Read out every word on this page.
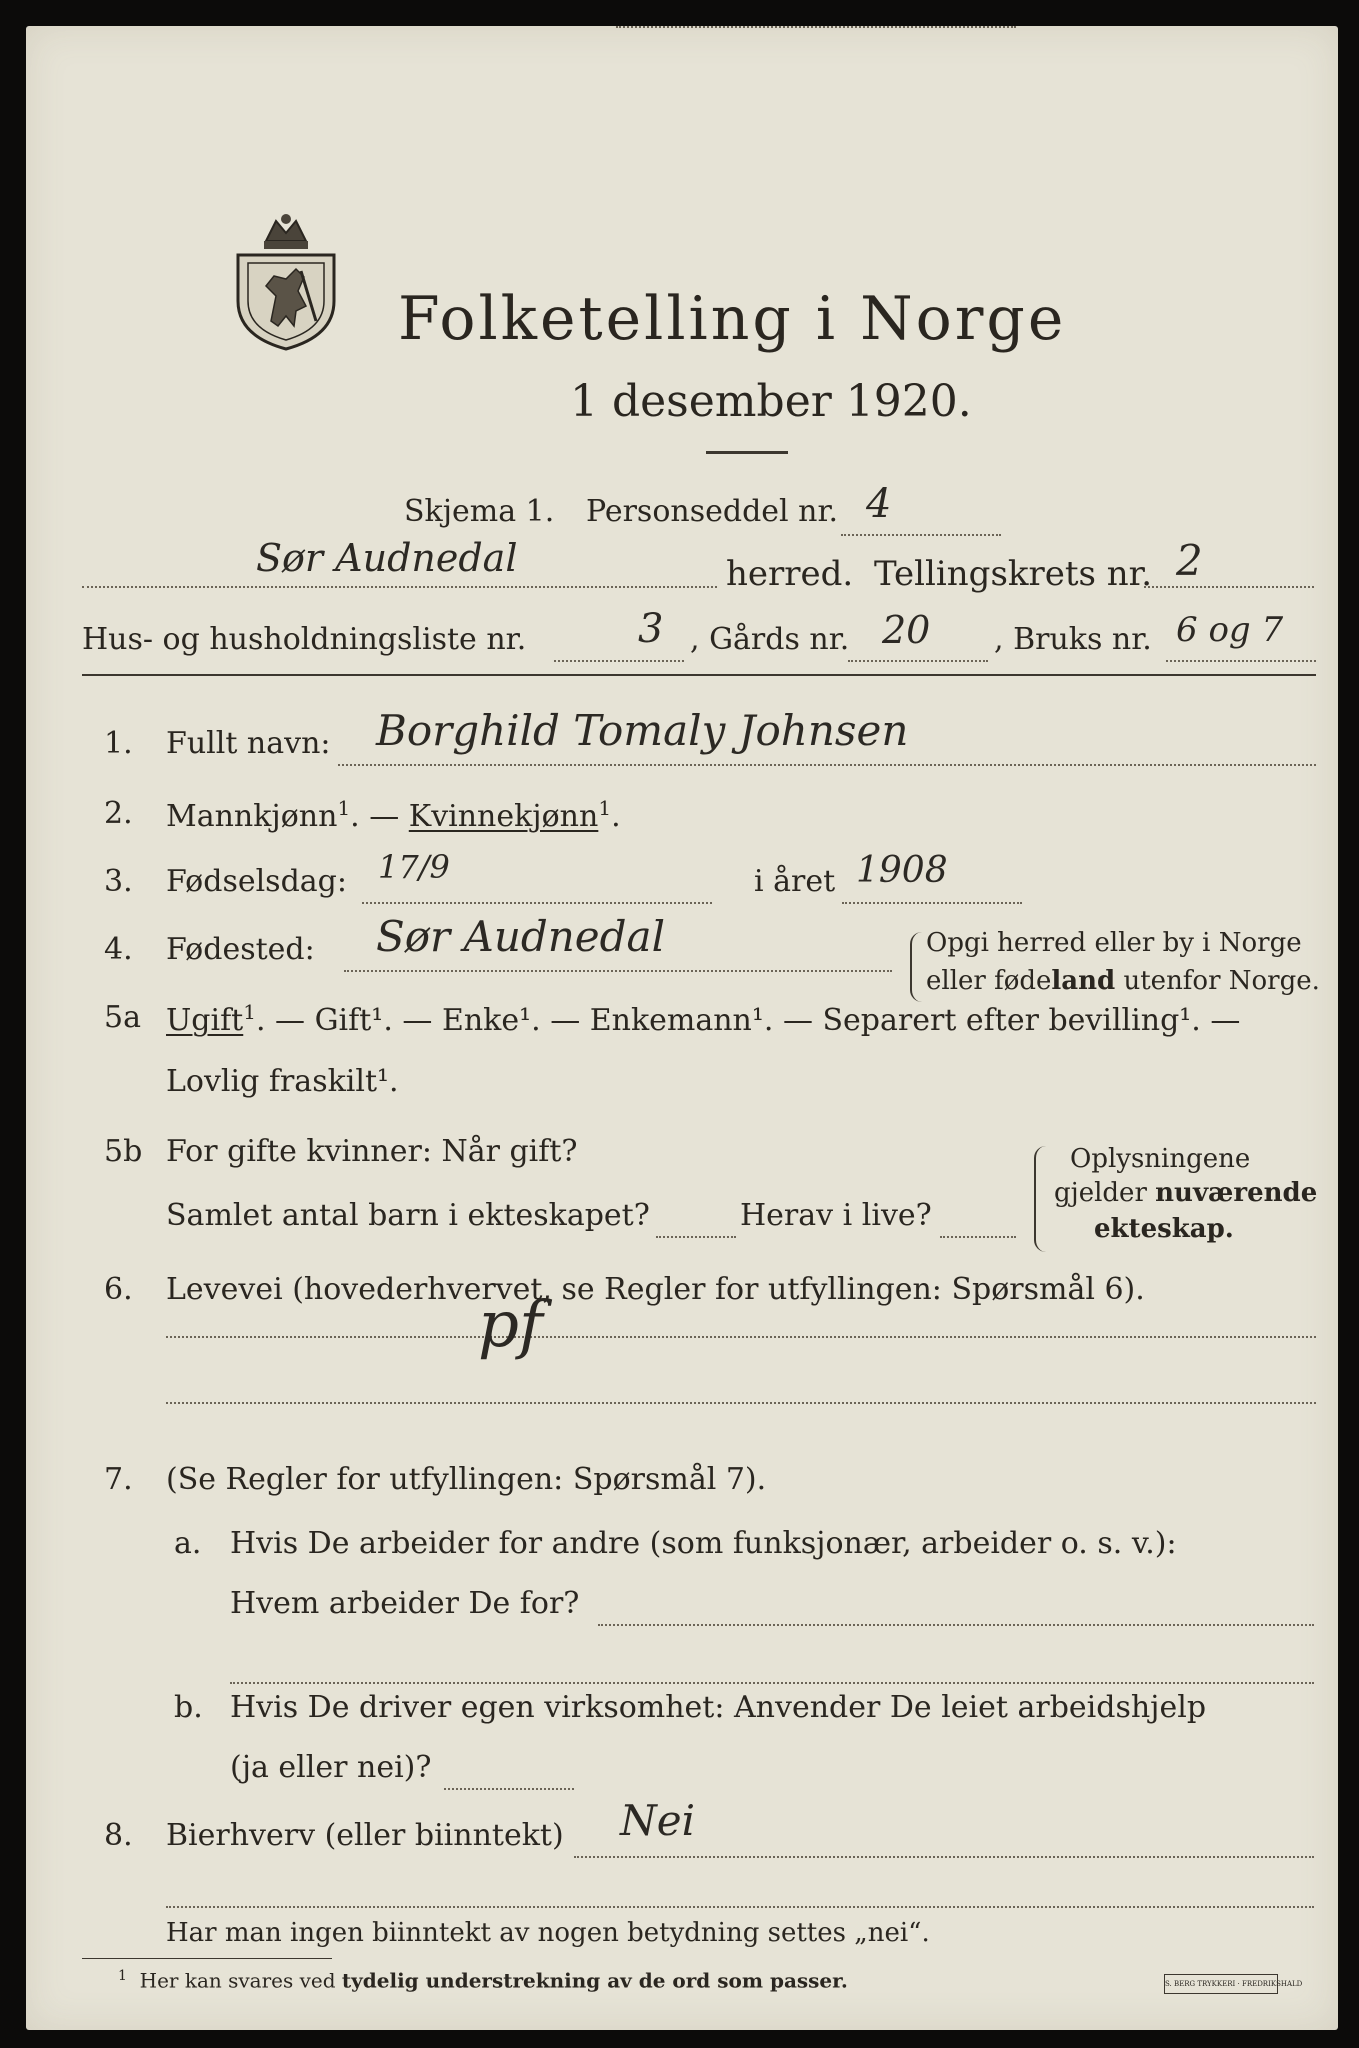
Folketelling i Norge
1 desember 1920.
Skjema 1. Personseddel nr. 4
Sør Audnedal	herred. Tellingskrets nr. 2
Hus- og husholdningsliste nr.	3 , Gårds nr. 20 , Bruks nr. 6 og 7
1. Fullt navn: Borghild Tomaly Johnsen
2. Mannkjønn$^1$. — Kvinnekjønn$^1$.
3. Fødselsdag: 17/9	i året 1908
4. Fødested: Sør Audnedal	Opgi herred eller by i Norge
eller fødeland utenfor Norge.
5a Ugift$^1$. — Gift¹. — Enke¹. — Enkemann¹. — Separert efter bevilling¹. —
Lovlig fraskilt¹.
5b For gifte kvinner: Når gift?
Samlet antal barn i ekteskapet?	Herav i live?
Oplysningene
gjelder nuværende
ekteskap.
6. Levevei (hovederhvervet, se Regler for utfyllingen: Spørsmål 6).
pf
7. (Se Regler for utfyllingen: Spørsmål 7).
a. Hvis De arbeider for andre (som funksjonær, arbeider o. s. v.):
Hvem arbeider De for?
b. Hvis De driver egen virksomhet: Anvender De leiet arbeidshjelp
(ja eller nei)?
8. Bierhverv (eller biinntekt) Nei
Har man ingen biinntekt av nogen betydning settes „nei“.
$^1$ Her kan svares ved tydelig understrekning av de ord som passer.	S. BERG TRYKKERI · FREDRIKSHALD
